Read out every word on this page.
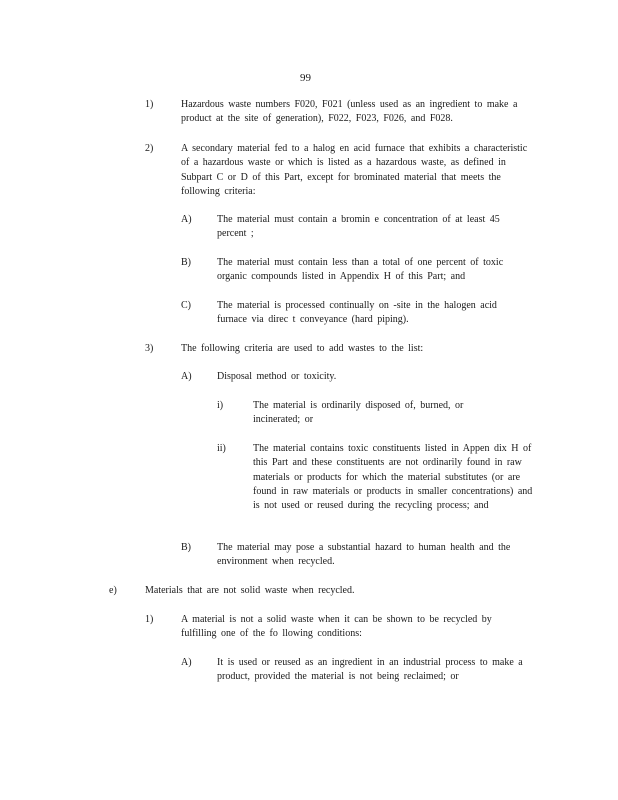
99
1)	Hazardous waste numbers F020, F021 (unless used as an ingredient to make a product at the site of generation), F022, F023, F026, and F028.
2)	A secondary material fed to a halog en acid furnace that exhibits a characteristic of a hazardous waste or which is listed as a hazardous waste, as defined in Subpart C or D of this Part, except for brominated material that meets the following criteria:
A)	The material must contain a bromin e concentration of at least 45 percent ;
B)	The material must contain less than a total of one percent of toxic organic compounds listed in Appendix H of this Part; and
C)	The material is processed continually on -site in the halogen acid furnace via direc t conveyance (hard piping).
3)	The following criteria are used to add wastes to the list:
A)	Disposal method or toxicity.
i)	The material is ordinarily disposed of, burned, or incinerated; or
ii)	The material contains toxic constituents listed in Appen dix H of this Part and these constituents are not ordinarily found in raw materials or products for which the material substitutes (or are found in raw materials or products in smaller concentrations) and is not used or reused during the recycling process; and
B)	The material may pose a substantial hazard to human health and the environment when recycled.
e)	Materials that are not solid waste when recycled.
1)	A material is not a solid waste when it can be shown to be recycled by fulfilling one of the fo llowing conditions:
A)	It is used or reused as an ingredient in an industrial process to make a product, provided the material is not being reclaimed; or
